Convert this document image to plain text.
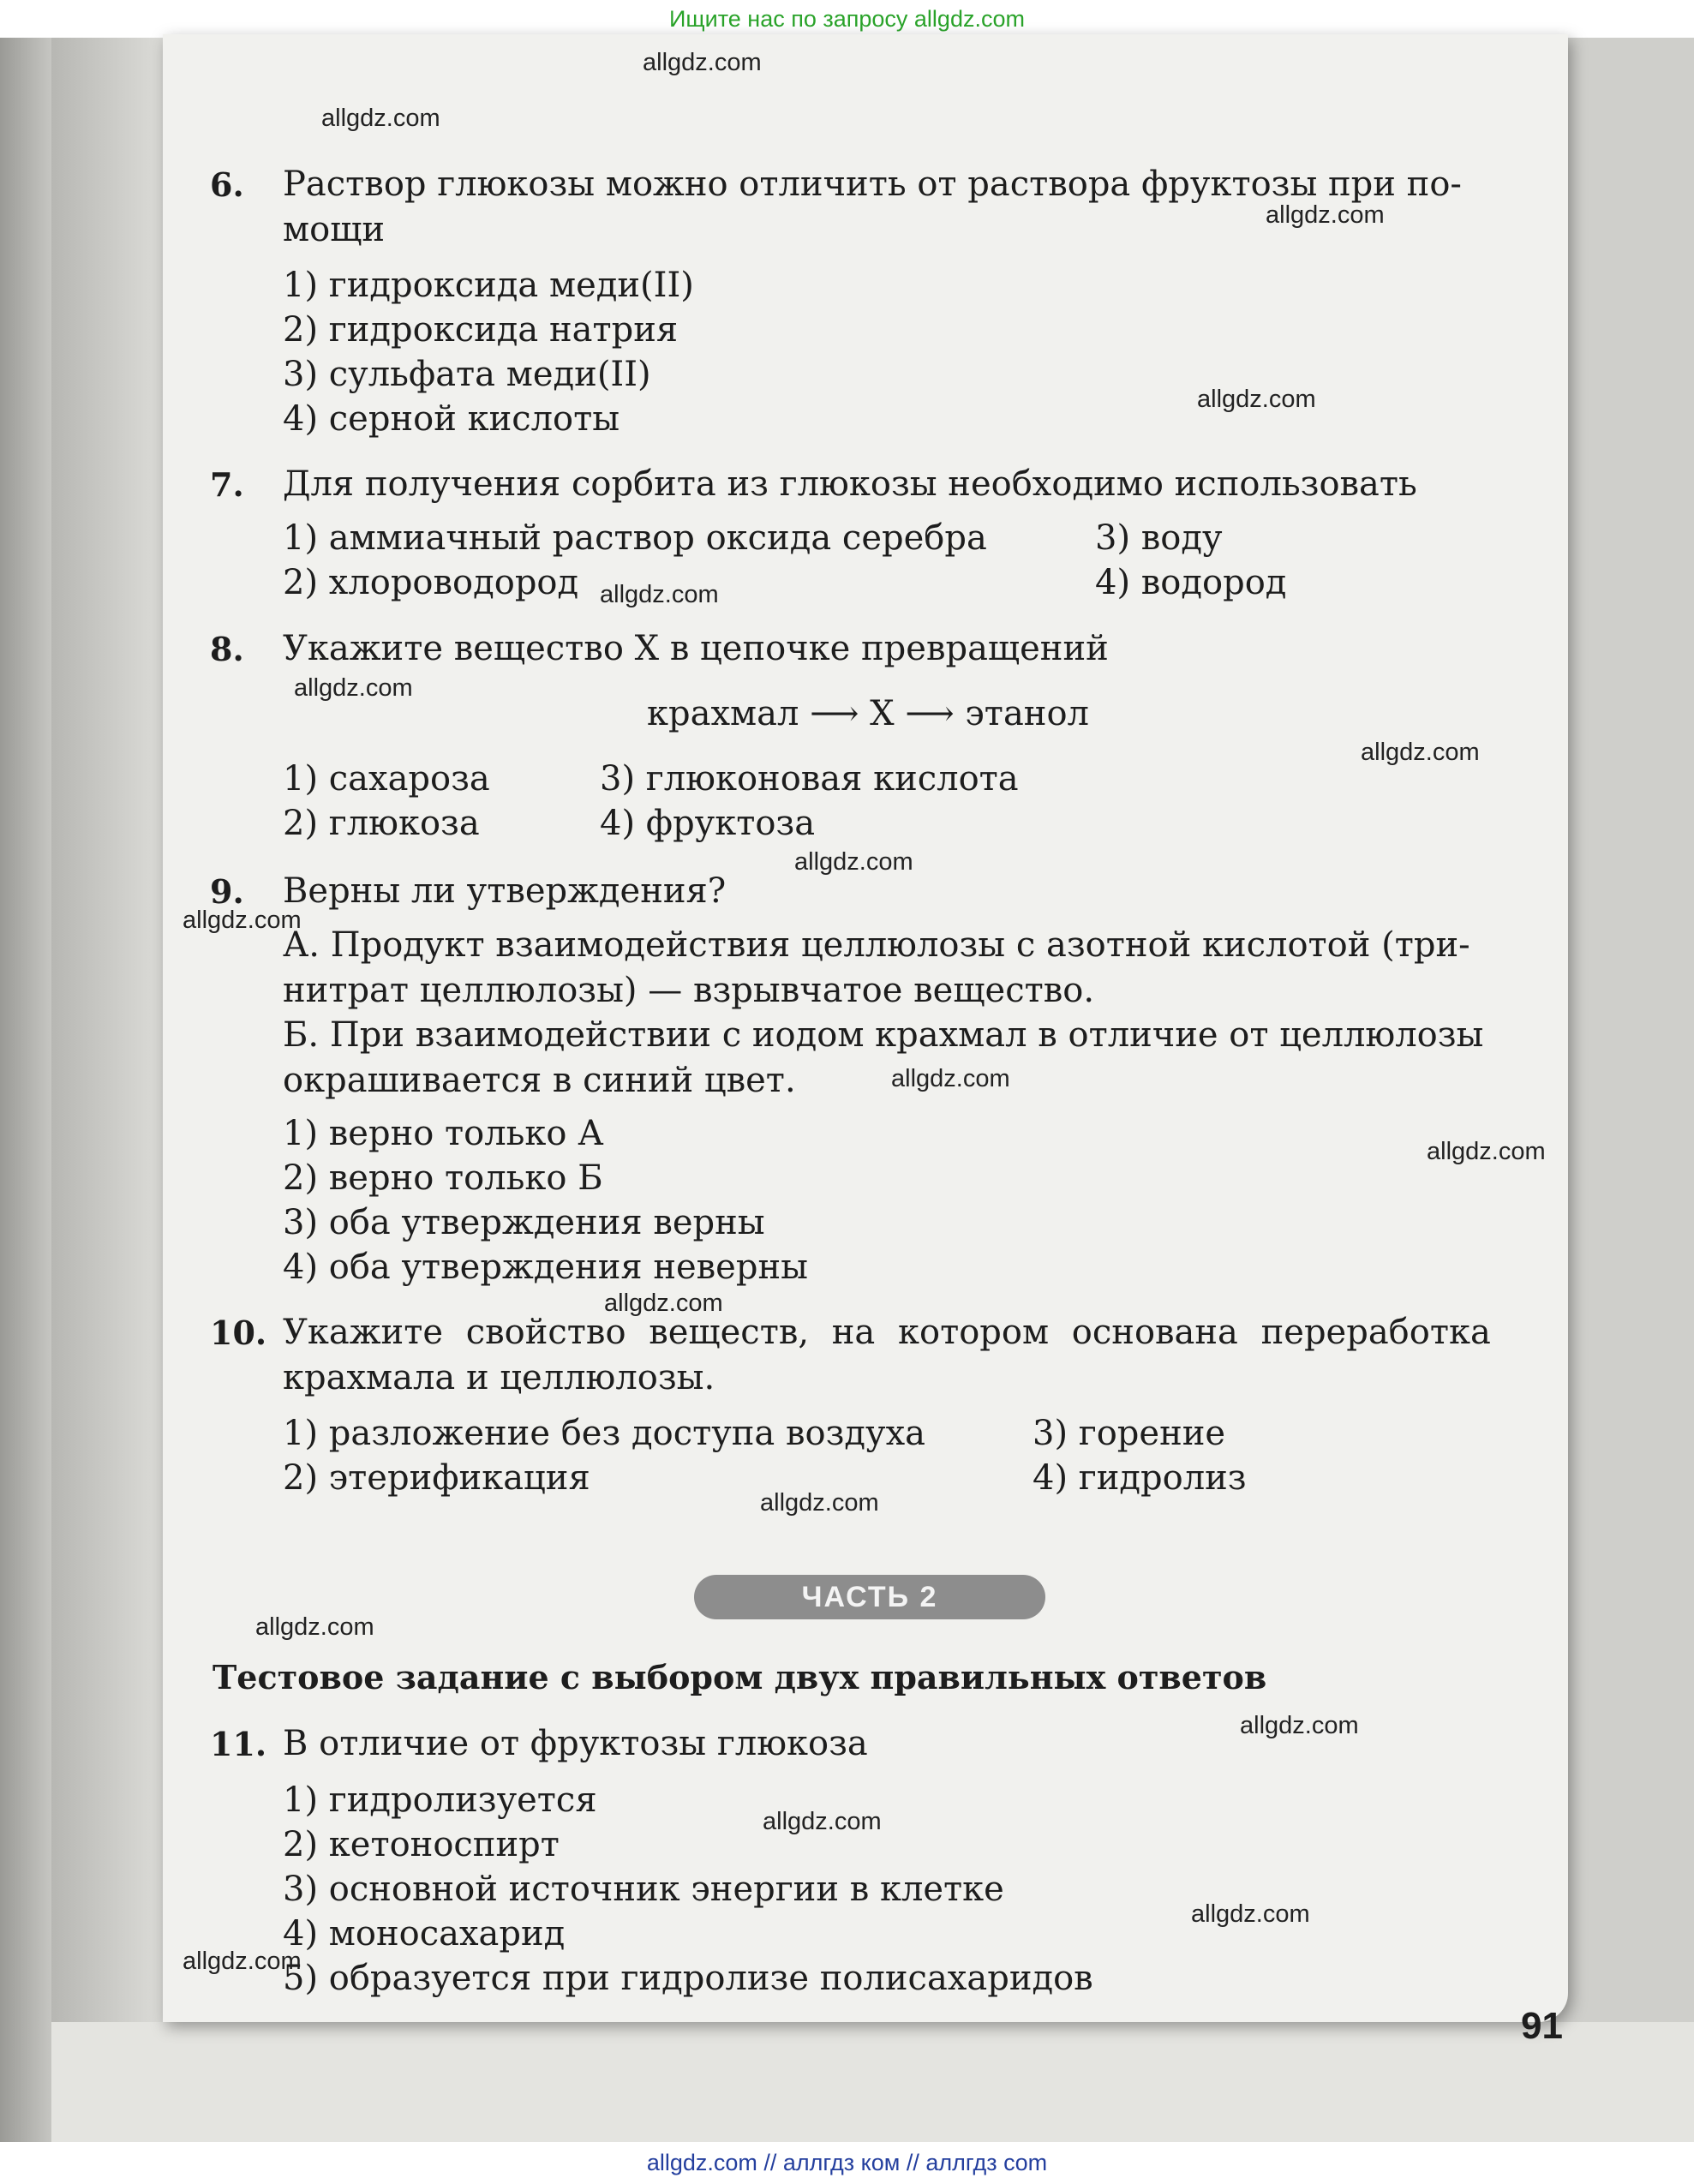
Ищите нас по запросу allgdz.com
6. Раствор глюкозы можно отличить от раствора фруктозы при по-
мощи
1) гидроксида меди(II)
2) гидроксида натрия
3) сульфата меди(II)
4) серной кислоты
7. Для получения сорбита из глюкозы необходимо использовать
1) аммиачный раствор оксида серебра	3) воду
2) хлороводород	4) водород
8. Укажите вещество X в цепочке превращений
крахмал ⟶ X ⟶ этанол
1) сахароза	3) глюконовая кислота
2) глюкоза	4) фруктоза
9. Верны ли утверждения?
А. Продукт взаимодействия целлюлозы с азотной кислотой (три-
нитрат целлюлозы) — взрывчатое вещество.
Б. При взаимодействии с иодом крахмал в отличие от целлюлозы
окрашивается в синий цвет.
1) верно только А
2) верно только Б
3) оба утверждения верны
4) оба утверждения неверны
10. Укажите свойство веществ, на котором основана переработка
крахмала и целлюлозы.
1) разложение без доступа воздуха	3) горение
2) этерификация	4) гидролиз
ЧАСТЬ 2
Тестовое задание с выбором двух правильных ответов
11. В отличие от фруктозы глюкоза
1) гидролизуется
2) кетоноспирт
3) основной источник энергии в клетке
4) моносахарид
5) образуется при гидролизе полисахаридов
91
allgdz.com
allgdz.com
allgdz.com
allgdz.com
allgdz.com
allgdz.com
allgdz.com
allgdz.com
allgdz.com
allgdz.com
allgdz.com
allgdz.com
allgdz.com
allgdz.com
allgdz.com
allgdz.com
allgdz.com
allgdz.com
allgdz.com // аллгдз ком // аллгдз com
